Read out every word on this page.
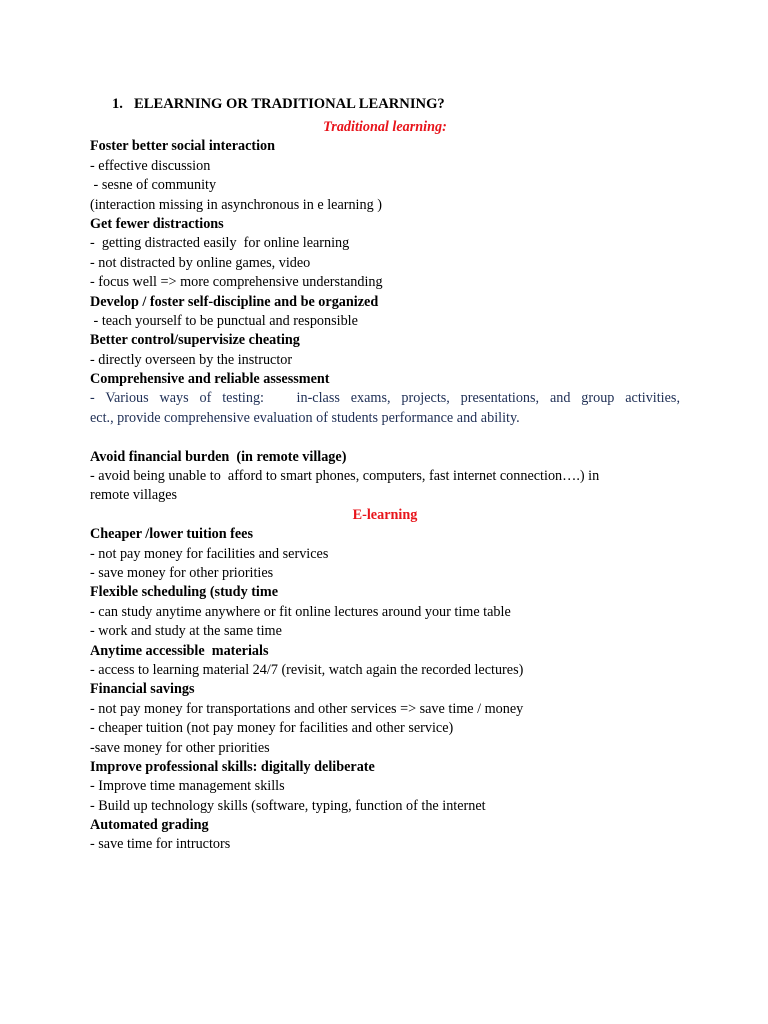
1. ELEARNING OR TRADITIONAL LEARNING?
Traditional learning:
Foster better social interaction
- effective discussion
- sesne of community
(interaction missing in asynchronous in e learning )
Get fewer distractions
-  getting distracted easily  for online learning
- not distracted by online games, video
- focus well => more comprehensive understanding
Develop / foster self-discipline and be organized
- teach yourself to be punctual and responsible
Better control/supervisize cheating
- directly overseen by the instructor
Comprehensive and reliable assessment
- Various ways of testing:   in-class exams, projects, presentations, and group activities,
ect., provide comprehensive evaluation of students performance and ability.
Avoid financial burden  (in remote village)
- avoid being unable to  afford to smart phones, computers, fast internet connection….) in
remote villages
E-learning
Cheaper /lower tuition fees
- not pay money for facilities and services
- save money for other priorities
Flexible scheduling (study time
- can study anytime anywhere or fit online lectures around your time table
- work and study at the same time
Anytime accessible  materials
- access to learning material 24/7 (revisit, watch again the recorded lectures)
Financial savings
- not pay money for transportations and other services => save time / money
- cheaper tuition (not pay money for facilities and other service)
-save money for other priorities
Improve professional skills: digitally deliberate
- Improve time management skills
- Build up technology skills (software, typing, function of the internet
Automated grading
- save time for intructors
